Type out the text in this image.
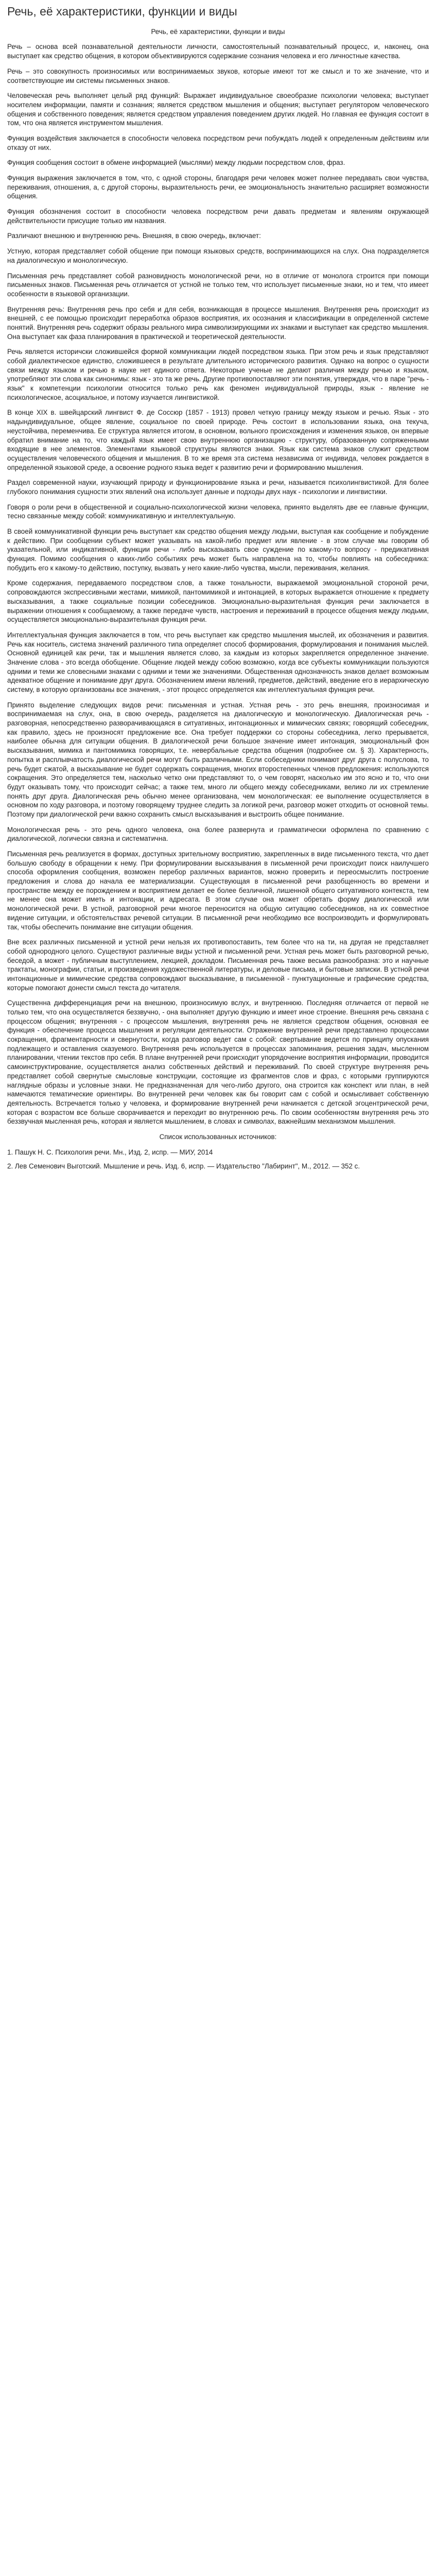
Речь, её характеристики, функции и виды

Речь, её характеристики, функции и виды

Речь – основа всей познавательной деятельности личности, самостоятельный познавательный процесс, и, наконец, она выступает как средство общения, в котором объективируются содержание сознания человека и его личностные качества.

Речь – это совокупность произносимых или воспринимаемых звуков, которые имеют тот же смысл и то же значение, что и соответствующие им системы письменных знаков.

Человеческая речь выполняет целый ряд функций: Выражает индивидуальное своеобразие психологии человека; выступает носителем информации, памяти и сознания; является средством мышления и общения; выступает регулятором человеческого общения и собственного поведения; является средством управления поведением других людей. Но главная ее функция состоит в том, что она является инструментом мышления.

Функция воздействия заключается в способности человека посредством речи побуждать людей к определенным действиям или отказу от них.

Функция сообщения состоит в обмене информацией (мыслями) между людьми посредством слов, фраз.

Функция выражения заключается в том, что, с одной стороны, благодаря речи человек может полнее передавать свои чувства, переживания, отношения, а, с другой стороны, выразительность речи, ее эмоциональность значительно расширяет возможности общения.

Функция обозначения состоит в способности человека посредством речи давать предметам и явлениям окружающей действительности присущие только им названия.

Различают внешнюю и внутреннюю речь. Внешняя, в свою очередь, включает:

Устную, которая представляет собой общение при помощи языковых средств, воспринимающихся на слух. Она подразделяется на диалогическую и монологическую.

Письменная речь представляет собой разновидность монологической речи, но в отличие от монолога строится при помощи письменных знаков. Письменная речь отличается от устной не только тем, что использует письменные знаки, но и тем, что имеет особенности в языковой организации.

Внутренняя речь: Внутренняя речь про себя и для себя, возникающая в процессе мышления. Внутренняя речь происходит из внешней, с ее помощью происходит переработка образов восприятия, их осознания и классификации в определенной системе понятий. Внутренняя речь содержит образы реального мира символизирующими их знаками и выступает как средство мышления. Она выступает как фаза планирования в практической и теоретической деятельности.

Речь является историчски сложившейся формой коммуникации людей посредством языка. При этом речь и язык представляют собой диалектическое единство, сложившееся в результате длительного исторического развития. Однако на вопрос о сущности связи между языком и речью в науке нет единого ответа. Некоторые ученые не делают различия между речью и языком, употребляют эти слова как синонимы: язык - это та же речь. Другие противопоставляют эти понятия, утверждая, что в паре "речь - язык" к компетенции психологии относится только речь как феномен индивидуальной природы, язык - явление не психологическое, асоциальное, и потому изучается лингвистикой.

В конце XIX в. швейцарский лингвист Ф. де Соссюр (1857 - 1913) провел четкую границу между языком и речью. Язык - это надындивидуальное, общее явление, социальное по своей природе. Речь состоит в использовании языка, она текуча, неустойчива, переменчива. Ее структура является итогом, в основном, вольного происхождения и изменения языков, он впервые обратил внимание на то, что каждый язык имеет свою внутреннюю организацию - структуру, образованную сопряженными входящие в нее элементов. Элементами языковой структуры являются знаки. Язык как система знаков служит средством осуществления человеческого общения и мышления. В то же время эта система независима от индивида, человек рождается в определенной языковой среде, а освоение родного языка ведет к развитию речи и формированию мышления.

Раздел современной науки, изучающий природу и функционирование языка и речи, называется психолингвистикой. Для более глубокого понимания сущности этих явлений она использует данные и подходы двух наук - психологии и лингвистики.

Говоря о роли речи в общественной и социально-психологической жизни человека, принято выделять две ее главные функции, тесно связанные между собой: коммуникативную и интеллектуальную.

В своей коммуникативной функции речь выступает как средство общения между людьми, выступая как сообщение и побуждение к действию. При сообщении субъект может указывать на какой-либо предмет или явление - в этом случае мы говорим об указательной, или индикативной, функции речи - либо высказывать свое суждение по какому-то вопросу - предикативная функция. Помимо сообщения о каких-либо событиях речь может быть направлена на то, чтобы повлиять на собеседника: побудить его к какому-то действию, поступку, вызвать у него какие-либо чувства, мысли, переживания, желания.

Кроме содержания, передаваемого посредством слов, а также тональности, выражаемой эмоциональной стороной речи, сопровождаются экспрессивными жестами, мимикой, пантомимикой и интонацией, в которых выражается отношение к предмету высказывания, а также социальные позиции собеседников. Эмоционально-выразительная функция речи заключается в выражении отношения к сообщаемому, а также передаче чувств, настроения и переживаний в процессе общения между людьми, осуществляется эмоционально-выразительная функция речи.

Интеллектуальная функция заключается в том, что речь выступает как средство мышления мыслей, их обозначения и развития. Речь как носитель, система значений различного типа определяет способ формирования, формулирования и понимания мыслей. Основной единицей как речи, так и мышления является слово, за каждым из которых закрепляется определенное значение. Значение слова - это всегда обобщение. Общение людей между собою возможно, когда все субъекты коммуникации пользуются одними и теми же словесными знаками с одними и теми же значениями. Общественная однозначность знаков делает возможным адекватное общение и понимание друг друга. Обозначением имени явлений, предметов, действий, введение его в иерархическую систему, в которую организованы все значения, - этот процесс определяется как интеллектуальная функция речи.

Принято выделение следующих видов речи: письменная и устная. Устная речь - это речь внешняя, произносимая и воспринимаемая на слух, она, в свою очередь, разделяется на диалогическую и монологическую. Диалогическая речь - разговорная, непосредственно разворачивающаяся в ситуативных, интонационных и мимических связях; говорящий собеседник, как правило, здесь не произносят предложение все. Она требует поддержки со стороны собеседника, легко прерывается, наиболее обычна для ситуации общения. В диалогической речи большое значение имеет интонация, эмоциональный фон высказывания, мимика и пантомимика говорящих, т.е. невербальные средства общения (подробнее см. § 3). Характерность, попытка и расплывчатость диалогической речи могут быть различными. Если собеседники понимают друг друга с полуслова, то речь будет сжатой, а высказывание не будет содержать сокращения, многих второстепенных членов предложения: используются сокращения. Это определяется тем, насколько четко они представляют то, о чем говорят, насколько им это ясно и то, что они будут оказывать тому, что происходит сейчас; а также тем, много ли общего между собеседниками, велико ли их стремление понять друг друга. Диалогическая речь обычно менее организована, чем монологическая: ее выполнение осуществляется в основном по ходу разговора, и поэтому говорящему труднее следить за логикой речи, разговор может отходить от основной темы. Поэтому при диалогической речи важно сохранить смысл высказывания и выстроить общее понимание.

Монологическая речь - это речь одного человека, она более развернута и грамматически оформлена по сравнению с диалогической, логически связна и систематична.

Письменная речь реализуется в формах, доступных зрительному восприятию, закрепленных в виде письменного текста, что дает большую свободу в обращении к нему. При формулировании высказывания в письменной речи происходит поиск наилучшего способа оформления сообщения, возможен перебор различных вариантов, можно проверить и переосмыслить построение предложения и слова до начала ее материализации. Существующая в письменной речи разобщенность во времени и пространстве между ее порождением и восприятием делает ее более безличной, лишенной общего ситуативного контекста, тем не менее она может иметь и интонации, и адресата. В этом случае она может обретать форму диалогической или монологической речи. В устной, разговорной речи многое переносится на общую ситуацию собеседников, на их совместное видение ситуации, и обстоятельствах речевой ситуации. В письменной речи необходимо все воспроизводить и формулировать так, чтобы обеспечить понимание вне ситуации общения.

Вне всех различных письменной и устной речи нельзя их противопоставить, тем более что на ти, на другая не представляет собой однородного целого. Существуют различные виды устной и письменной речи. Устная речь может быть разговорной речью, беседой, а может - публичным выступлением, лекцией, докладом. Письменная речь также весьма разнообразна: это и научные трактаты, монографии, статьи, и произведения художественной литературы, и деловые письма, и бытовые записки. В устной речи интонационные и мимические средства сопровождают высказывание, в письменной - пунктуационные и графические средства, которые помогают донести смысл текста до читателя.

Существенна дифференциация речи на внешнюю, произносимую вслух, и внутреннюю. Последняя отличается от первой не только тем, что она осуществляется беззвучно, - она выполняет другую функцию и имеет иное строение. Внешняя речь связана с процессом общения; внутренняя - с процессом мышления, внутренняя речь не является средством общения, основная ее функция - обеспечение процесса мышления и регуляции деятельности. Отражение внутренней речи представлено процессами сокращения, фрагментарности и свернутости, когда разговор ведет сам с собой: свертывание ведется по принципу опускания подлежащего и оставления сказуемого. Внутренняя речь используется в процессах запоминания, решения задач, мысленном планировании, чтении текстов про себя. В плане внутренней речи происходит упорядочение восприятия информации, проводится самоинструктирование, осуществляется анализ собственных действий и переживаний. По своей структуре внутренняя речь представляет собой свернутые смысловые конструкции, состоящие из фрагментов слов и фраз, с которыми группируются наглядные образы и условные знаки. Не предназначенная для чего-либо другого, она строится как конспект или план, в ней намечаются тематические ориентиры. Во внутренней речи человек как бы говорит сам с собой и осмысливает собственную деятельность. Встречается только у человека, и формирование внутренней речи начинается с детской эгоцентрической речи, которая с возрастом все больше сворачивается и переходит во внутреннюю речь. По своим особенностям внутренняя речь это беззвучная мысленная речь, которая и является мышлением, в словах и символах, важнейшим механизмом мышления.

Список использованных источников:

1. Пашук Н. С. Психология речи. Мн., Изд. 2, испр. — МИУ, 2014
2. Лев Семенович Выготский. Мышление и речь. Изд. 6, испр. — Издательство "Лабиринт", М., 2012. — 352 с.
